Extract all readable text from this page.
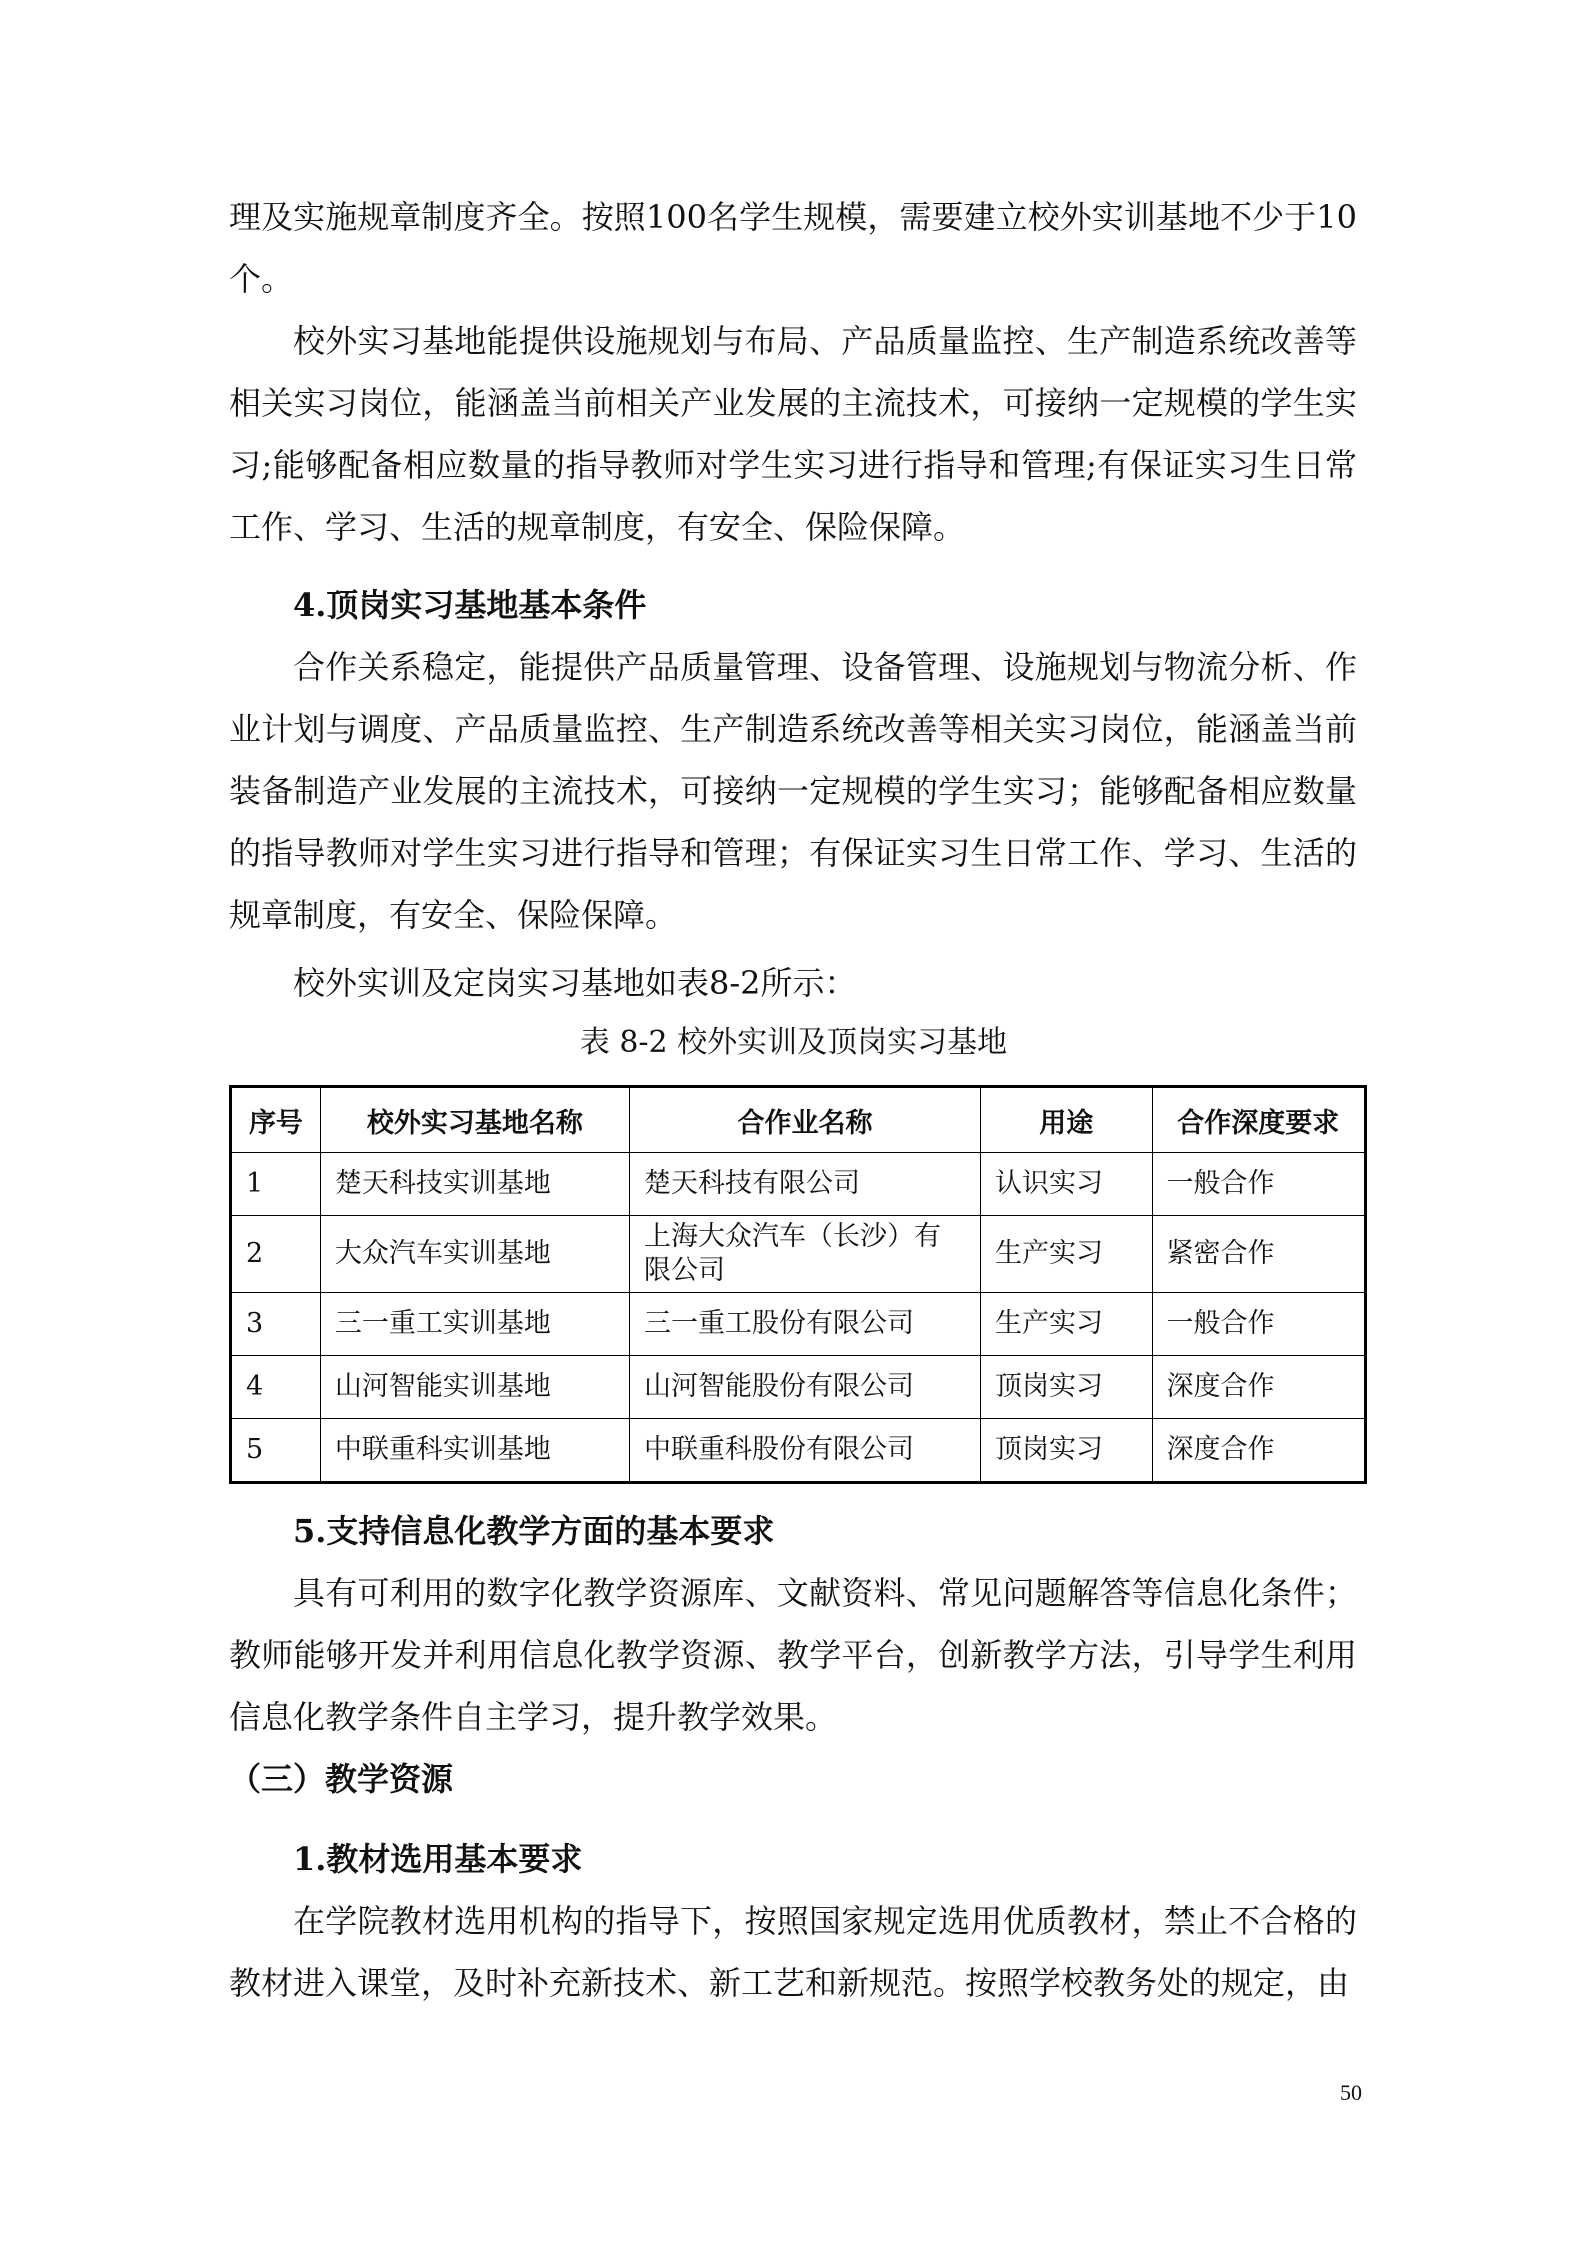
理及实施规章制度齐全。按照100名学生规模，需要建立校外实训基地不少于10个。

校外实习基地能提供设施规划与布局、产品质量监控、生产制造系统改善等相关实习岗位，能涵盖当前相关产业发展的主流技术，可接纳一定规模的学生实习;能够配备相应数量的指导教师对学生实习进行指导和管理;有保证实习生日常工作、学习、生活的规章制度，有安全、保险保障。

4.顶岗实习基地基本条件

合作关系稳定，能提供产品质量管理、设备管理、设施规划与物流分析、作业计划与调度、产品质量监控、生产制造系统改善等相关实习岗位，能涵盖当前装备制造产业发展的主流技术，可接纳一定规模的学生实习；能够配备相应数量的指导教师对学生实习进行指导和管理；有保证实习生日常工作、学习、生活的规章制度，有安全、保险保障。

校外实训及定岗实习基地如表8-2所示：

表 8-2 校外实训及顶岗实习基地

序号	校外实习基地名称	合作业名称	用途	合作深度要求
1	楚天科技实训基地	楚天科技有限公司	认识实习	一般合作
2	大众汽车实训基地	上海大众汽车（长沙）有限公司	生产实习	紧密合作
3	三一重工实训基地	三一重工股份有限公司	生产实习	一般合作
4	山河智能实训基地	山河智能股份有限公司	顶岗实习	深度合作
5	中联重科实训基地	中联重科股份有限公司	顶岗实习	深度合作

5.支持信息化教学方面的基本要求

具有可利用的数字化教学资源库、文献资料、常见问题解答等信息化条件；教师能够开发并利用信息化教学资源、教学平台，创新教学方法，引导学生利用信息化教学条件自主学习，提升教学效果。

（三）教学资源

1.教材选用基本要求

在学院教材选用机构的指导下，按照国家规定选用优质教材，禁止不合格的教材进入课堂，及时补充新技术、新工艺和新规范。按照学校教务处的规定，由

50
